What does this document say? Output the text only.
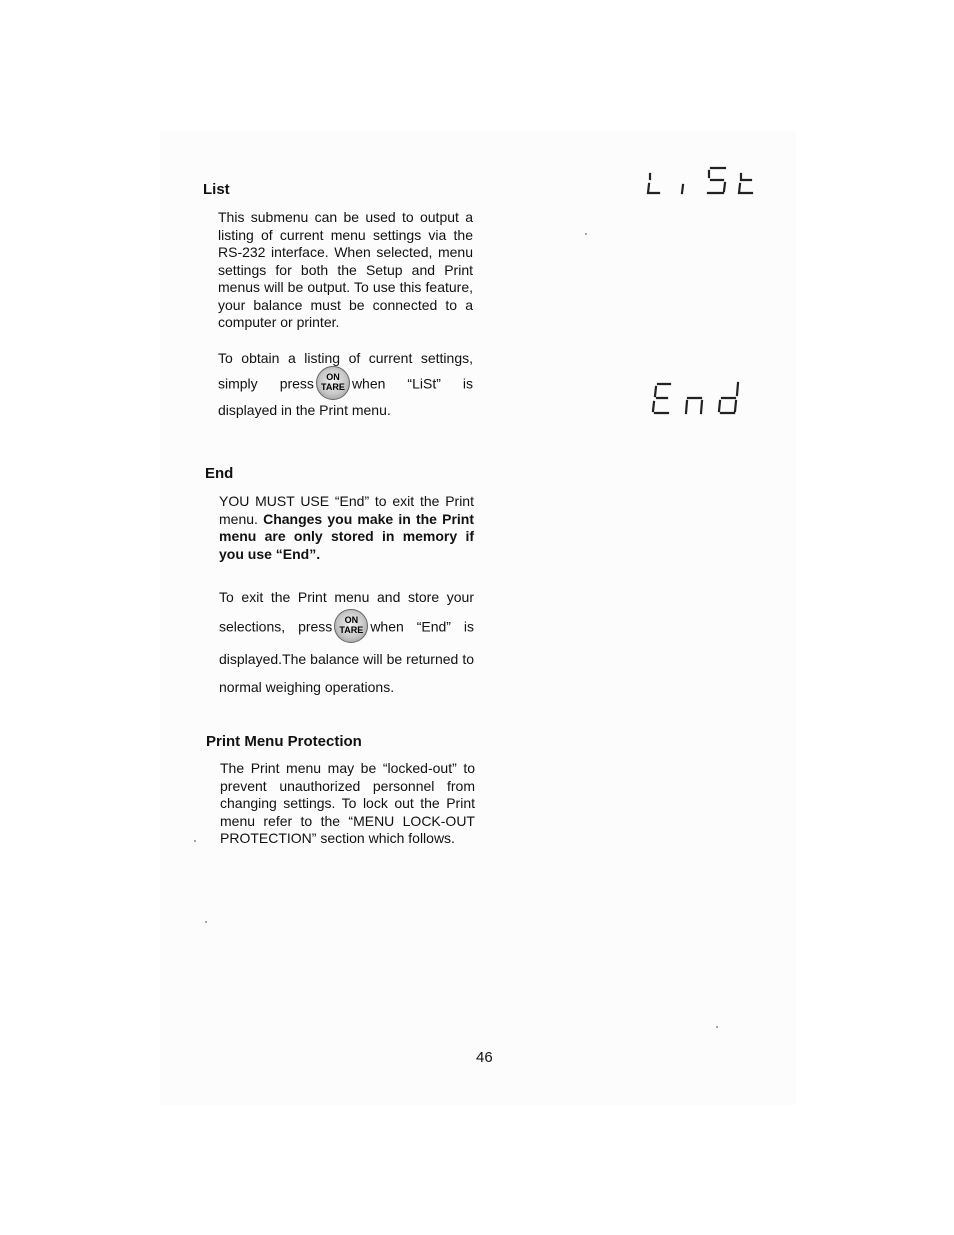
List

This submenu can be used to output a listing of current menu settings via the RS-232 interface. When selected, menu settings for both the Setup and Print menus will be output. To use this feature, your balance must be connected to a computer or printer.

To obtain a listing of current settings, simply press	ON
TARE when “LiSt” is displayed in the Print menu.

End

YOU MUST USE “End” to exit the Print menu. Changes you make in the Print menu are only stored in memory if you use “End”.

To exit the Print menu and store your selections, press	ON
TARE when “End” is displayed.The balance will be returned to normal weighing operations.

Print Menu Protection

The Print menu may be “locked-out” to prevent unauthorized personnel from changing settings. To lock out the Print menu refer to the “MENU LOCK-OUT PROTECTION” section which follows.

46
